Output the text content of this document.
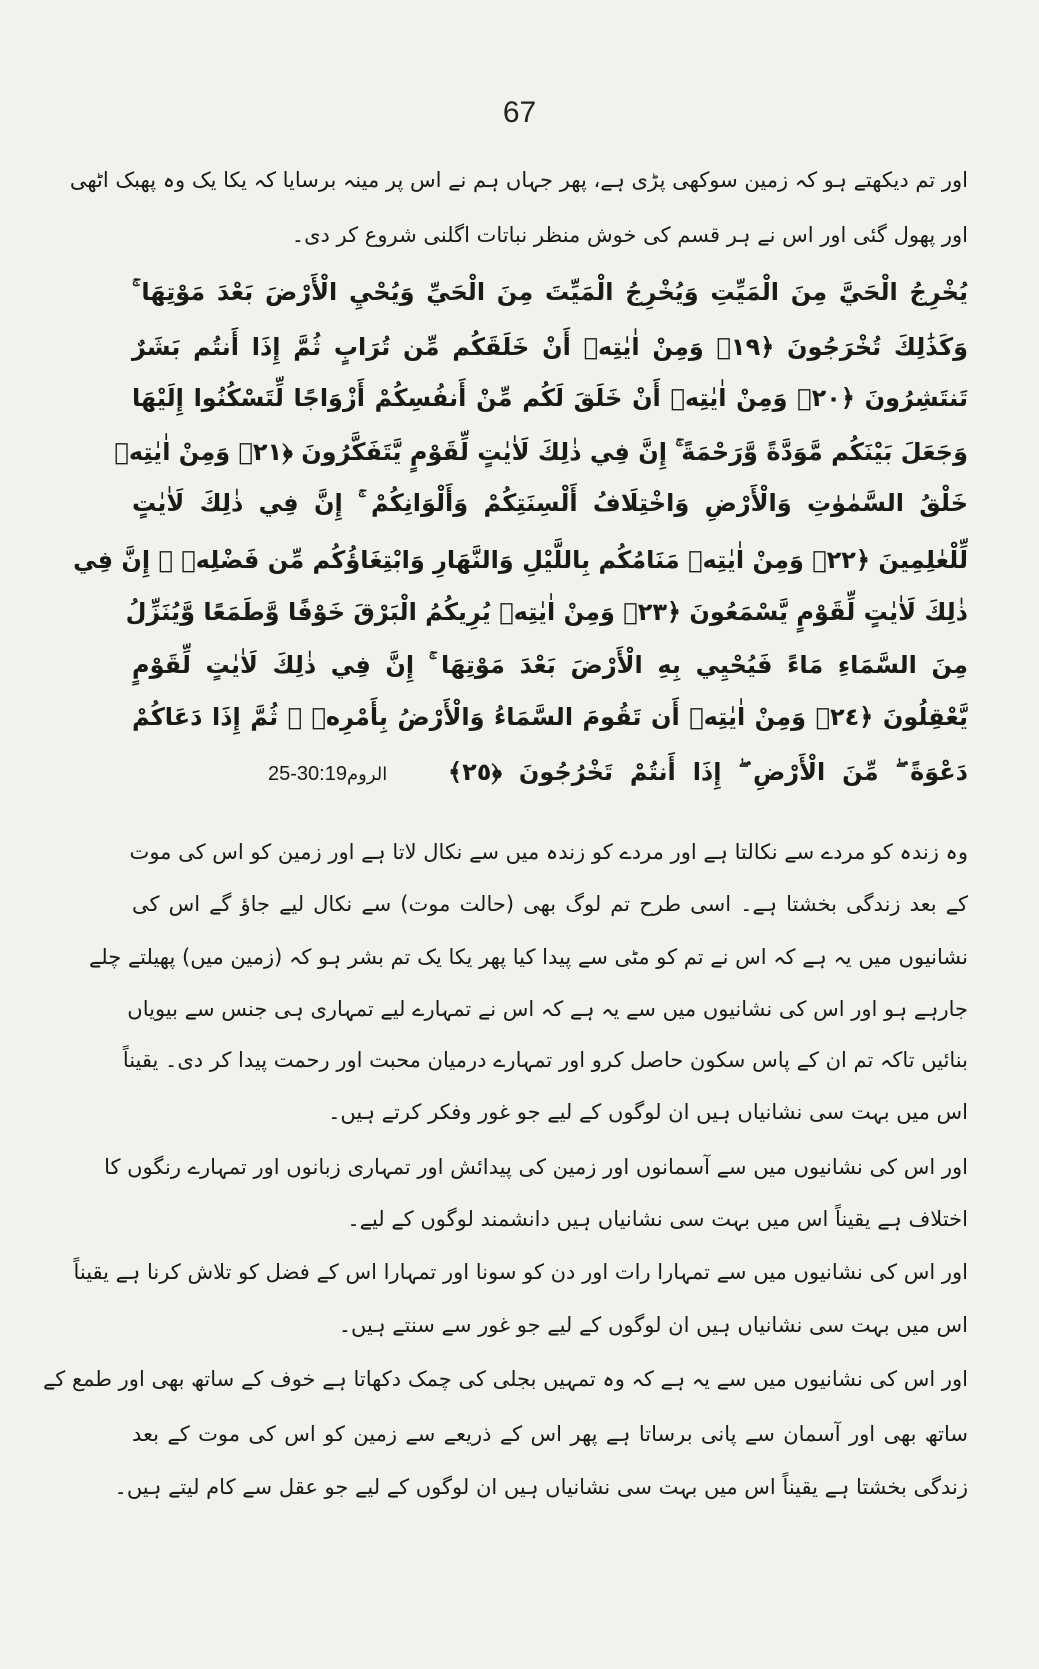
67
اور تم دیکھتے ہو کہ زمین سوکھی پڑی ہے، پھر جہاں ہم نے اس پر مینہ برسایا کہ یکا یک وہ پھبک اٹھی
اور پھول گئی اور اس نے ہر قسم کی خوش منظر نباتات اگلنی شروع کر دی۔
يُخْرِجُ الْحَيَّ مِنَ الْمَيِّتِ وَيُخْرِجُ الْمَيِّتَ مِنَ الْحَيِّ وَيُحْيِ الْأَرْضَ بَعْدَ مَوْتِهَا ۚ
وَكَذَٰلِكَ تُخْرَجُونَ ﴿١٩﴾ وَمِنْ اٰيٰتِهٖ أَنْ خَلَقَكُم مِّن تُرَابٍ ثُمَّ إِذَا أَنتُم بَشَرٌ
تَنتَشِرُونَ ﴿٢٠﴾ وَمِنْ اٰيٰتِهٖ أَنْ خَلَقَ لَكُم مِّنْ أَنفُسِكُمْ أَزْوَاجًا لِّتَسْكُنُوا إِلَيْهَا
وَجَعَلَ بَيْنَكُم مَّوَدَّةً وَّرَحْمَةً ۚ إِنَّ فِي ذٰلِكَ لَاٰيٰتٍ لِّقَوْمٍ يَّتَفَكَّرُونَ ﴿٢١﴾ وَمِنْ اٰيٰتِهٖ
خَلْقُ السَّمٰوٰتِ وَالْأَرْضِ وَاخْتِلَافُ أَلْسِنَتِكُمْ وَأَلْوَانِكُمْ ۚ إِنَّ فِي ذٰلِكَ لَاٰيٰتٍ
لِّلْعٰلِمِينَ ﴿٢٢﴾ وَمِنْ اٰيٰتِهٖ مَنَامُكُم بِاللَّيْلِ وَالنَّهَارِ وَابْتِغَاؤُكُم مِّن فَضْلِهٖ ۚ إِنَّ فِي
ذٰلِكَ لَاٰيٰتٍ لِّقَوْمٍ يَّسْمَعُونَ ﴿٢٣﴾ وَمِنْ اٰيٰتِهٖ يُرِيكُمُ الْبَرْقَ خَوْفًا وَّطَمَعًا وَّيُنَزِّلُ
مِنَ السَّمَاءِ مَاءً فَيُحْيِي بِهِ الْأَرْضَ بَعْدَ مَوْتِهَا ۚ إِنَّ فِي ذٰلِكَ لَاٰيٰتٍ لِّقَوْمٍ
يَّعْقِلُونَ ﴿٢٤﴾ وَمِنْ اٰيٰتِهٖ أَن تَقُومَ السَّمَاءُ وَالْأَرْضُ بِأَمْرِهٖ ۚ ثُمَّ إِذَا دَعَاكُمْ
دَعْوَةً ۖ مِّنَ الْأَرْضِ ۖ إِذَا أَنتُمْ تَخْرُجُونَ ﴿٢٥﴾
الروم30:19-25
وہ زندہ کو مردے سے نکالتا ہے اور مردے کو زندہ میں سے نکال لاتا ہے اور زمین کو اس کی موت
کے بعد زندگی بخشتا ہے۔ اسی طرح تم لوگ بھی (حالت موت) سے نکال لیے جاؤ گے اس کی
نشانیوں میں یہ ہے کہ اس نے تم کو مٹی سے پیدا کیا پھر یکا یک تم بشر ہو کہ (زمین میں) پھیلتے چلے
جارہے ہو اور اس کی نشانیوں میں سے یہ ہے کہ اس نے تمہارے لیے تمہاری ہی جنس سے بیویاں
بنائیں تاکہ تم ان کے پاس سکون حاصل کرو اور تمہارے درمیان محبت اور رحمت پیدا کر دی۔ یقیناً
اس میں بہت سی نشانیاں ہیں ان لوگوں کے لیے جو غور وفکر کرتے ہیں۔
اور اس کی نشانیوں میں سے آسمانوں اور زمین کی پیدائش اور تمہاری زبانوں اور تمہارے رنگوں کا
اختلاف ہے یقیناً اس میں بہت سی نشانیاں ہیں دانشمند لوگوں کے لیے۔
اور اس کی نشانیوں میں سے تمہارا رات اور دن کو سونا اور تمہارا اس کے فضل کو تلاش کرنا ہے یقیناً
اس میں بہت سی نشانیاں ہیں ان لوگوں کے لیے جو غور سے سنتے ہیں۔
اور اس کی نشانیوں میں سے یہ ہے کہ وہ تمہیں بجلی کی چمک دکھاتا ہے خوف کے ساتھ بھی اور طمع کے
ساتھ بھی اور آسمان سے پانی برساتا ہے پھر اس کے ذریعے سے زمین کو اس کی موت کے بعد
زندگی بخشتا ہے یقیناً اس میں بہت سی نشانیاں ہیں ان لوگوں کے لیے جو عقل سے کام لیتے ہیں۔
